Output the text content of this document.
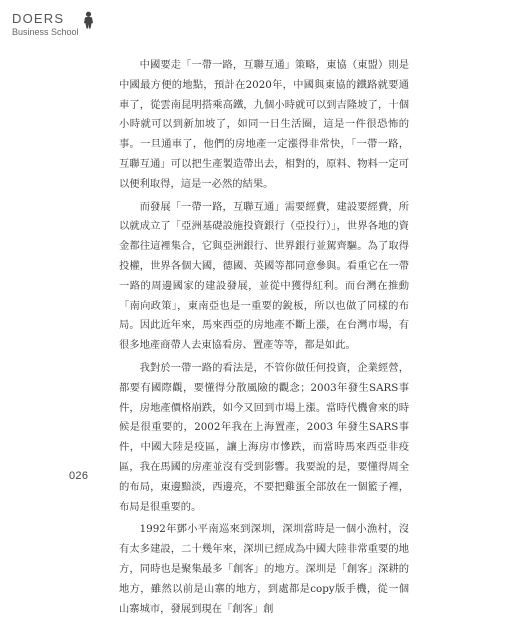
DOERS
Business School

中國要走「一帶一路，互聯互通」策略，東協（東盟）則是中國最方便的地點，預計在2020年，中國與東協的鐵路就要通車了，從雲南昆明搭乘高鐵，九個小時就可以到吉隆坡了，十個小時就可以到新加坡了，如同一日生活圈，這是一件很恐怖的事。一旦通車了，他們的房地產一定漲得非常快，「一帶一路，互聯互通」可以把生產製造帶出去，相對的，原料、物料一定可以便利取得，這是一必然的結果。

而發展「一帶一路，互聯互通」需要經費，建設要經費，所以就成立了「亞洲基礎設施投資銀行（亞投行）」，世界各地的資金都往這裡集合，它與亞洲銀行、世界銀行並駕齊驅。為了取得投權，世界各個大國，德國、英國等都同意參與。看重它在一帶一路的周邊國家的建設發展，並從中獲得紅利。而台灣在推動「南向政策」，東南亞也是一重要的銳板，所以也做了同樣的布局。因此近年來，馬來西亞的房地產不斷上漲，在台灣市場，有很多地產商帶人去東協看房、置產等等，都是如此。

我對於一帶一路的看法是，不管你做任何投資，企業經營，都要有國際觀，要懂得分散風險的觀念；2003年發生SARS事件，房地產價格崩跌，如今又回到市場上漲。當時代機會來的時候是很重要的，2002年我在上海置產，2003 年發生SARS事件，中國大陸是疫區，讓上海房市慘跌，而當時馬來西亞非疫區，我在馬國的房產並沒有受到影響。我要說的是，要懂得周全的布局，東邊黯淡，西邊亮，不要把雞蛋全部放在一個籃子裡，布局是很重要的。

1992年鄧小平南巡來到深圳，深圳當時是一個小漁村，沒有太多建設，二十幾年來，深圳已經成為中國大陸非常重要的地方，同時也是聚集最多「創客」的地方。深圳是「創客」深耕的地方，雖然以前是山寨的地方，到處都是copy版手機，從一個山寨城市，發展到現在「創客」創

026
